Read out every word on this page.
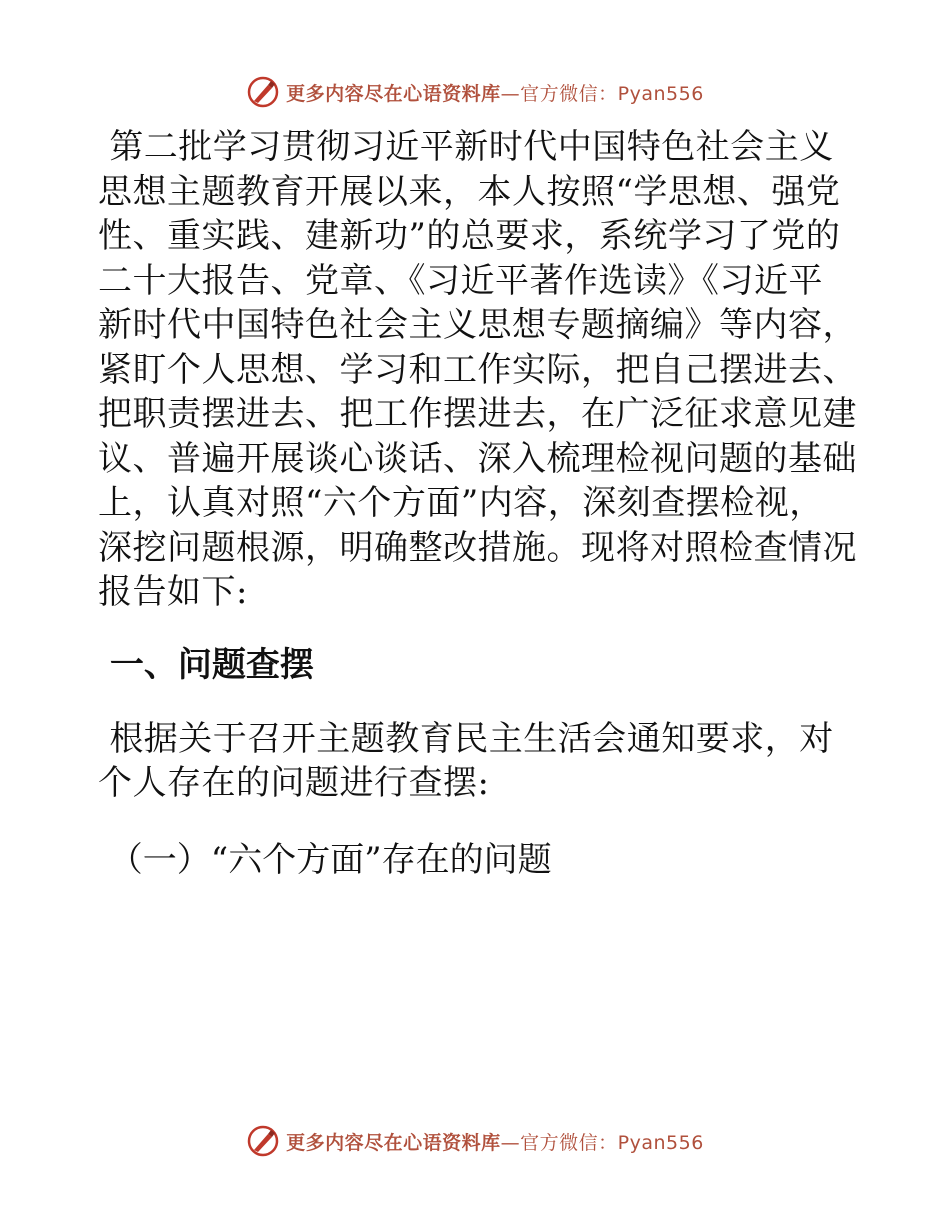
更多内容尽在心语资料库—官方微信：Pyan556

第二批学习贯彻习近平新时代中国特色社会主义

思想主题教育开展以来，本人按照“学思想、强党

性、重实践、建新功”的总要求，系统学习了党的

二十大报告、党章、《习近平著作选读》《习近平

新时代中国特色社会主义思想专题摘编》等内容，

紧盯个人思想、学习和工作实际，把自己摆进去、

把职责摆进去、把工作摆进去，在广泛征求意见建

议、普遍开展谈心谈话、深入梳理检视问题的基础

上，认真对照“六个方面”内容，深刻查摆检视，

深挖问题根源，明确整改措施。现将对照检查情况

报告如下:

一、问题查摆

根据关于召开主题教育民主生活会通知要求，对

个人存在的问题进行查摆:

（一）“六个方面”存在的问题
更多内容尽在心语资料库—官方微信：Pyan556
